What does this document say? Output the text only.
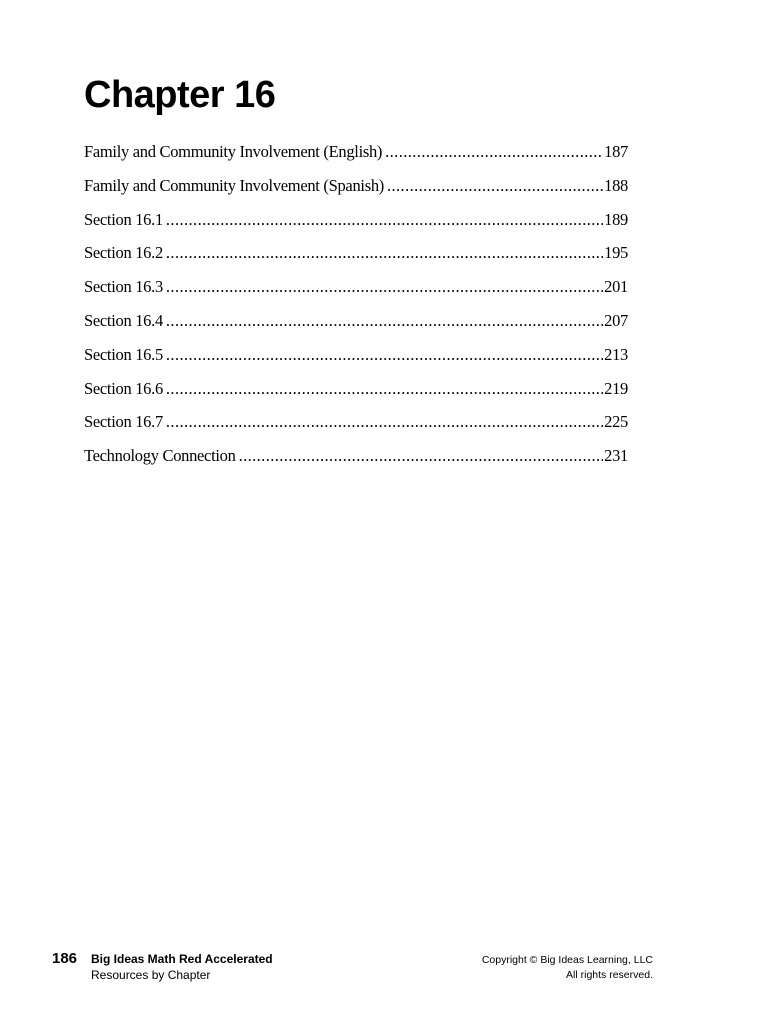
Chapter 16
Family and Community Involvement (English) .....	187
Family and Community Involvement (Spanish) .....	188
Section 16.1 .....	189
Section 16.2 .....	195
Section 16.3 .....	201
Section 16.4 .....	207
Section 16.5 .....	213
Section 16.6 .....	219
Section 16.7 .....	225
Technology Connection .....	231
186 Big Ideas Math Red Accelerated
Resources by Chapter
Copyright © Big Ideas Learning, LLC
All rights reserved.
